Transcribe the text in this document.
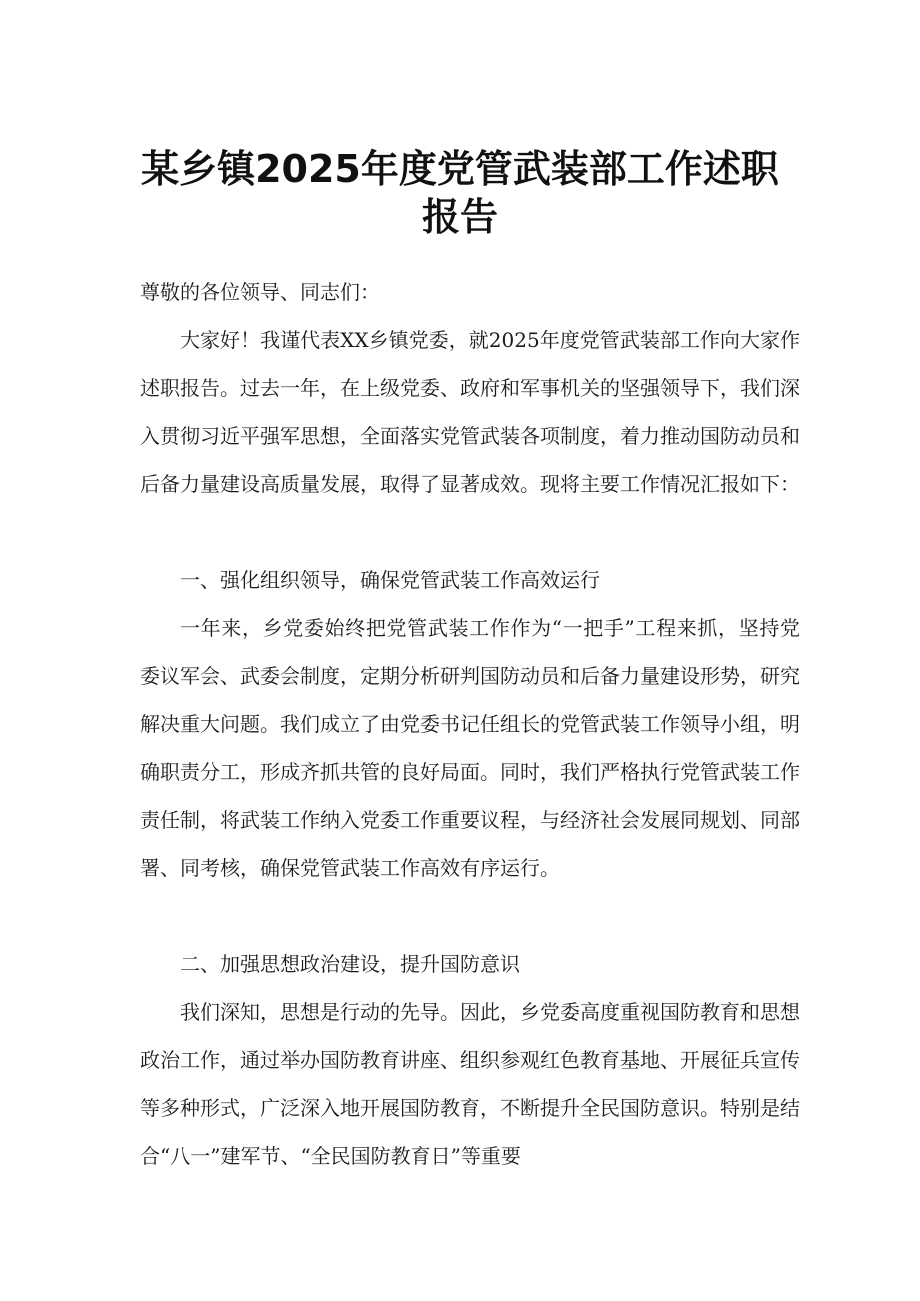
某乡镇2025年度党管武装部工作述职
报告
尊敬的各位领导、同志们：
大家好！我谨代表XX乡镇党委，就2025年度党管武装部工作向大家作述职报告。过去一年，在上级党委、政府和军事机关的坚强领导下，我们深入贯彻习近平强军思想，全面落实党管武装各项制度，着力推动国防动员和后备力量建设高质量发展，取得了显著成效。现将主要工作情况汇报如下：
一、强化组织领导，确保党管武装工作高效运行
一年来，乡党委始终把党管武装工作作为“一把手”工程来抓，坚持党委议军会、武委会制度，定期分析研判国防动员和后备力量建设形势，研究解决重大问题。我们成立了由党委书记任组长的党管武装工作领导小组，明确职责分工，形成齐抓共管的良好局面。同时，我们严格执行党管武装工作责任制，将武装工作纳入党委工作重要议程，与经济社会发展同规划、同部署、同考核，确保党管武装工作高效有序运行。
二、加强思想政治建设，提升国防意识
我们深知，思想是行动的先导。因此，乡党委高度重视国防教育和思想政治工作，通过举办国防教育讲座、组织参观红色教育基地、开展征兵宣传等多种形式，广泛深入地开展国防教育，不断提升全民国防意识。特别是结合“八一”建军节、“全民国防教育日”等重要
